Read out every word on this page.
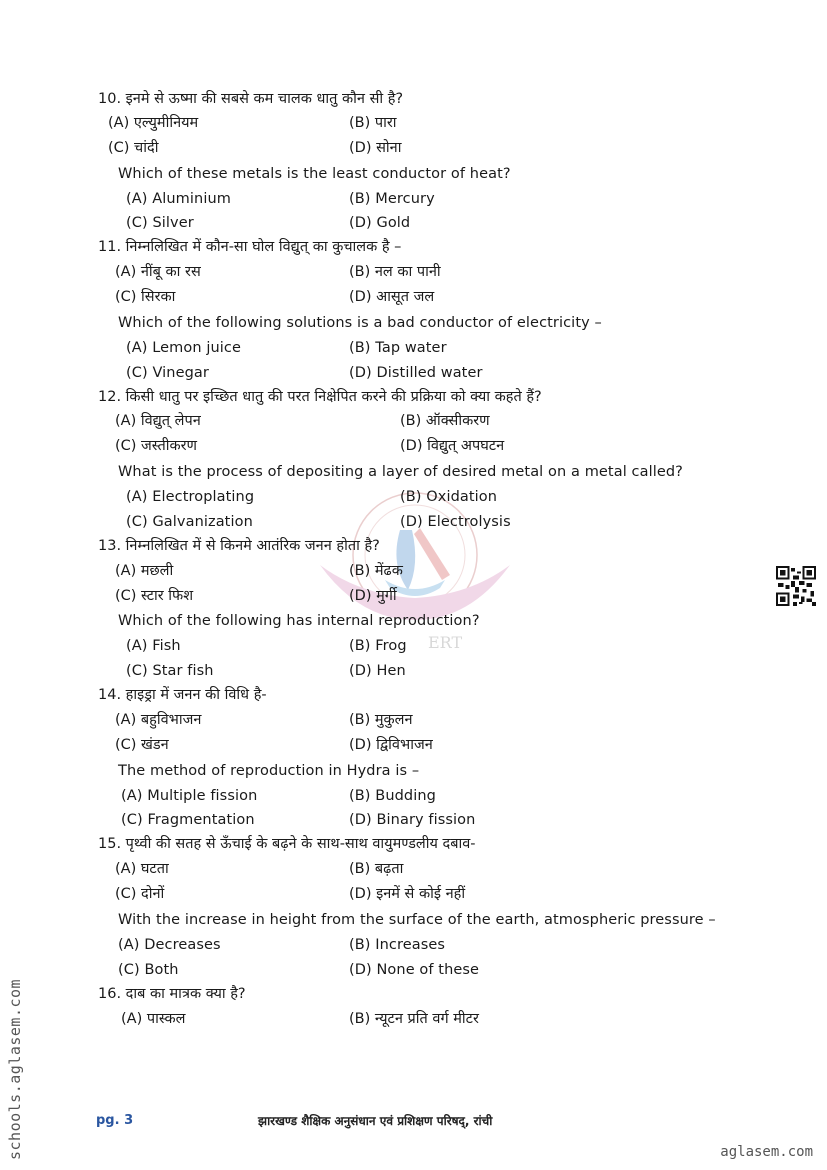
ERT
10. इनमे से ऊष्मा की सबसे कम चालक धातु कौन सी है?
(A) एल्युमीनियम	(B) पारा
(C) चांदी	(D) सोना
Which of these metals is the least conductor of heat?
(A) Aluminium	(B) Mercury
(C) Silver	(D) Gold
11. निम्नलिखित में कौन-सा घोल विद्युत् का कुचालक है –
(A) नींबू का रस	(B) नल का पानी
(C) सिरका	(D) आसूत जल
Which of the following solutions is a bad conductor of electricity –
(A) Lemon juice	(B) Tap water
(C) Vinegar	(D) Distilled water
12. किसी धातु पर इच्छित धातु की परत निक्षेपित करने की प्रक्रिया को क्या कहते हैं?
(A) विद्युत् लेपन	(B) ऑक्सीकरण
(C) जस्तीकरण	(D) विद्युत् अपघटन
What is the process of depositing a layer of desired metal on a metal called?
(A) Electroplating	(B) Oxidation
(C) Galvanization	(D) Electrolysis
13. निम्नलिखित में से किनमे आतंरिक जनन होता है?
(A) मछली	(B) मेंढक
(C) स्टार फिश	(D) मुर्गी
Which of the following has internal reproduction?
(A) Fish	(B) Frog
(C) Star fish	(D) Hen
14. हाइड्रा में जनन की विधि है-
(A) बहुविभाजन	(B) मुकुलन
(C) खंडन	(D) द्विविभाजन
The method of reproduction in Hydra is –
(A) Multiple fission	(B) Budding
(C) Fragmentation	(D) Binary fission
15. पृथ्वी की सतह से ऊँचाई के बढ़ने के साथ-साथ वायुमण्डलीय दबाव-
(A) घटता	(B) बढ़ता
(C) दोनों	(D) इनमें से कोई नहीं
With the increase in height from the surface of the earth, atmospheric pressure –
(A) Decreases	(B) Increases
(C) Both	(D) None of these
16. दाब का मात्रक क्या है?
(A) पास्कल	(B) न्यूटन प्रति वर्ग मीटर
pg. 3	झारखण्ड शैक्षिक अनुसंधान एवं प्रशिक्षण परिषद्, रांची
schools.aglasem.com	aglasem.com
